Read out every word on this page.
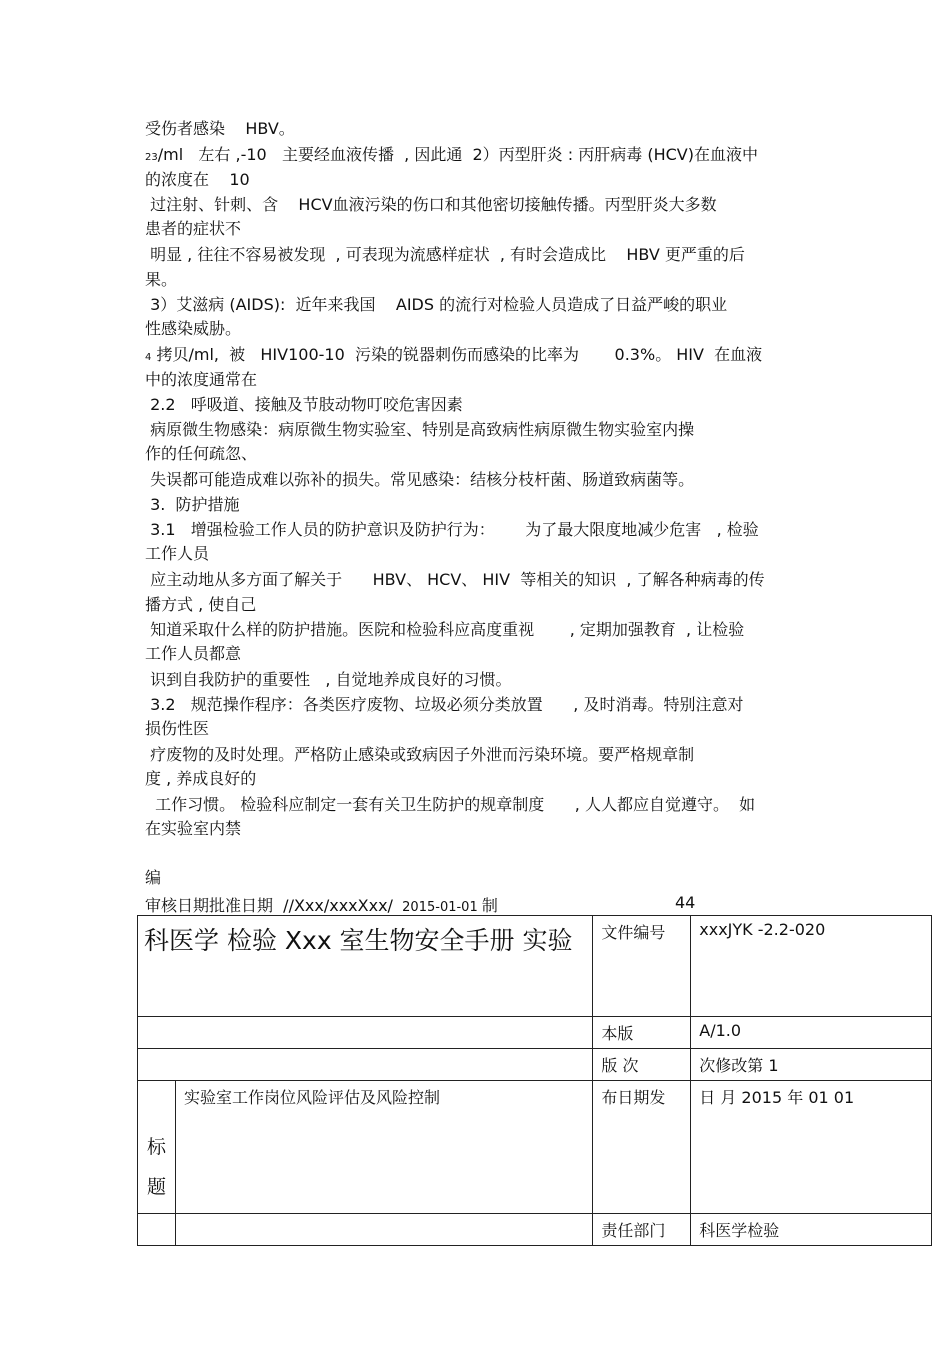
受伤者感染    HBV。
23/ml   左右 ,-10   主要经血液传播  , 因此通  2）丙型肝炎 : 丙肝病毒 (HCV)在血液中
的浓度在    10
过注射、针刺、含    HCV血液污染的伤口和其他密切接触传播。丙型肝炎大多数
患者的症状不
明显 , 往往不容易被发现  , 可表现为流感样症状  , 有时会造成比    HBV 更严重的后
果。
3）艾滋病 (AIDS):  近年来我国    AIDS 的流行对检验人员造成了日益严峻的职业
性感染威胁。
4 拷贝/ml,  被   HIV100-10  污染的锐器刺伤而感染的比率为       0.3%。 HIV  在血液
中的浓度通常在
2.2   呼吸道、接触及节肢动物叮咬危害因素
病原微生物感染：病原微生物实验室、特别是高致病性病原微生物实验室内操
作的任何疏忽、
失误都可能造成难以弥补的损失。常见感染：结核分枝杆菌、肠道致病菌等。
3.  防护措施
3.1   增强检验工作人员的防护意识及防护行为：      为了最大限度地减少危害   , 检验
工作人员
应主动地从多方面了解关于      HBV、 HCV、 HIV  等相关的知识  , 了解各种病毒的传
播方式 , 使自己
知道采取什么样的防护措施。医院和检验科应高度重视       , 定期加强教育  , 让检验
工作人员都意
识到自我防护的重要性   , 自觉地养成良好的习惯。
3.2   规范操作程序：各类医疗废物、垃圾必须分类放置      , 及时消毒。特别注意对
损伤性医
疗废物的及时处理。严格防止感染或致病因子外泄而污染环境。要严格规章制
度 , 养成良好的
工作习惯。 检验科应制定一套有关卫生防护的规章制度      , 人人都应自觉遵守。  如
在实验室内禁
编
审核日期批准日期  //Xxx/xxxXxx/  2015-01-01 制	44
科医学 检验 Xxx 室生物安全手册 实验		文件编号	xxxJYK -2.2-020
		本版	A/1.0
		版 次	次修改第 1

标
题	实验室工作岗位风险评估及风险控制	布日期发	日 月 2015 年 01 01
		责任部门	科医学检验
